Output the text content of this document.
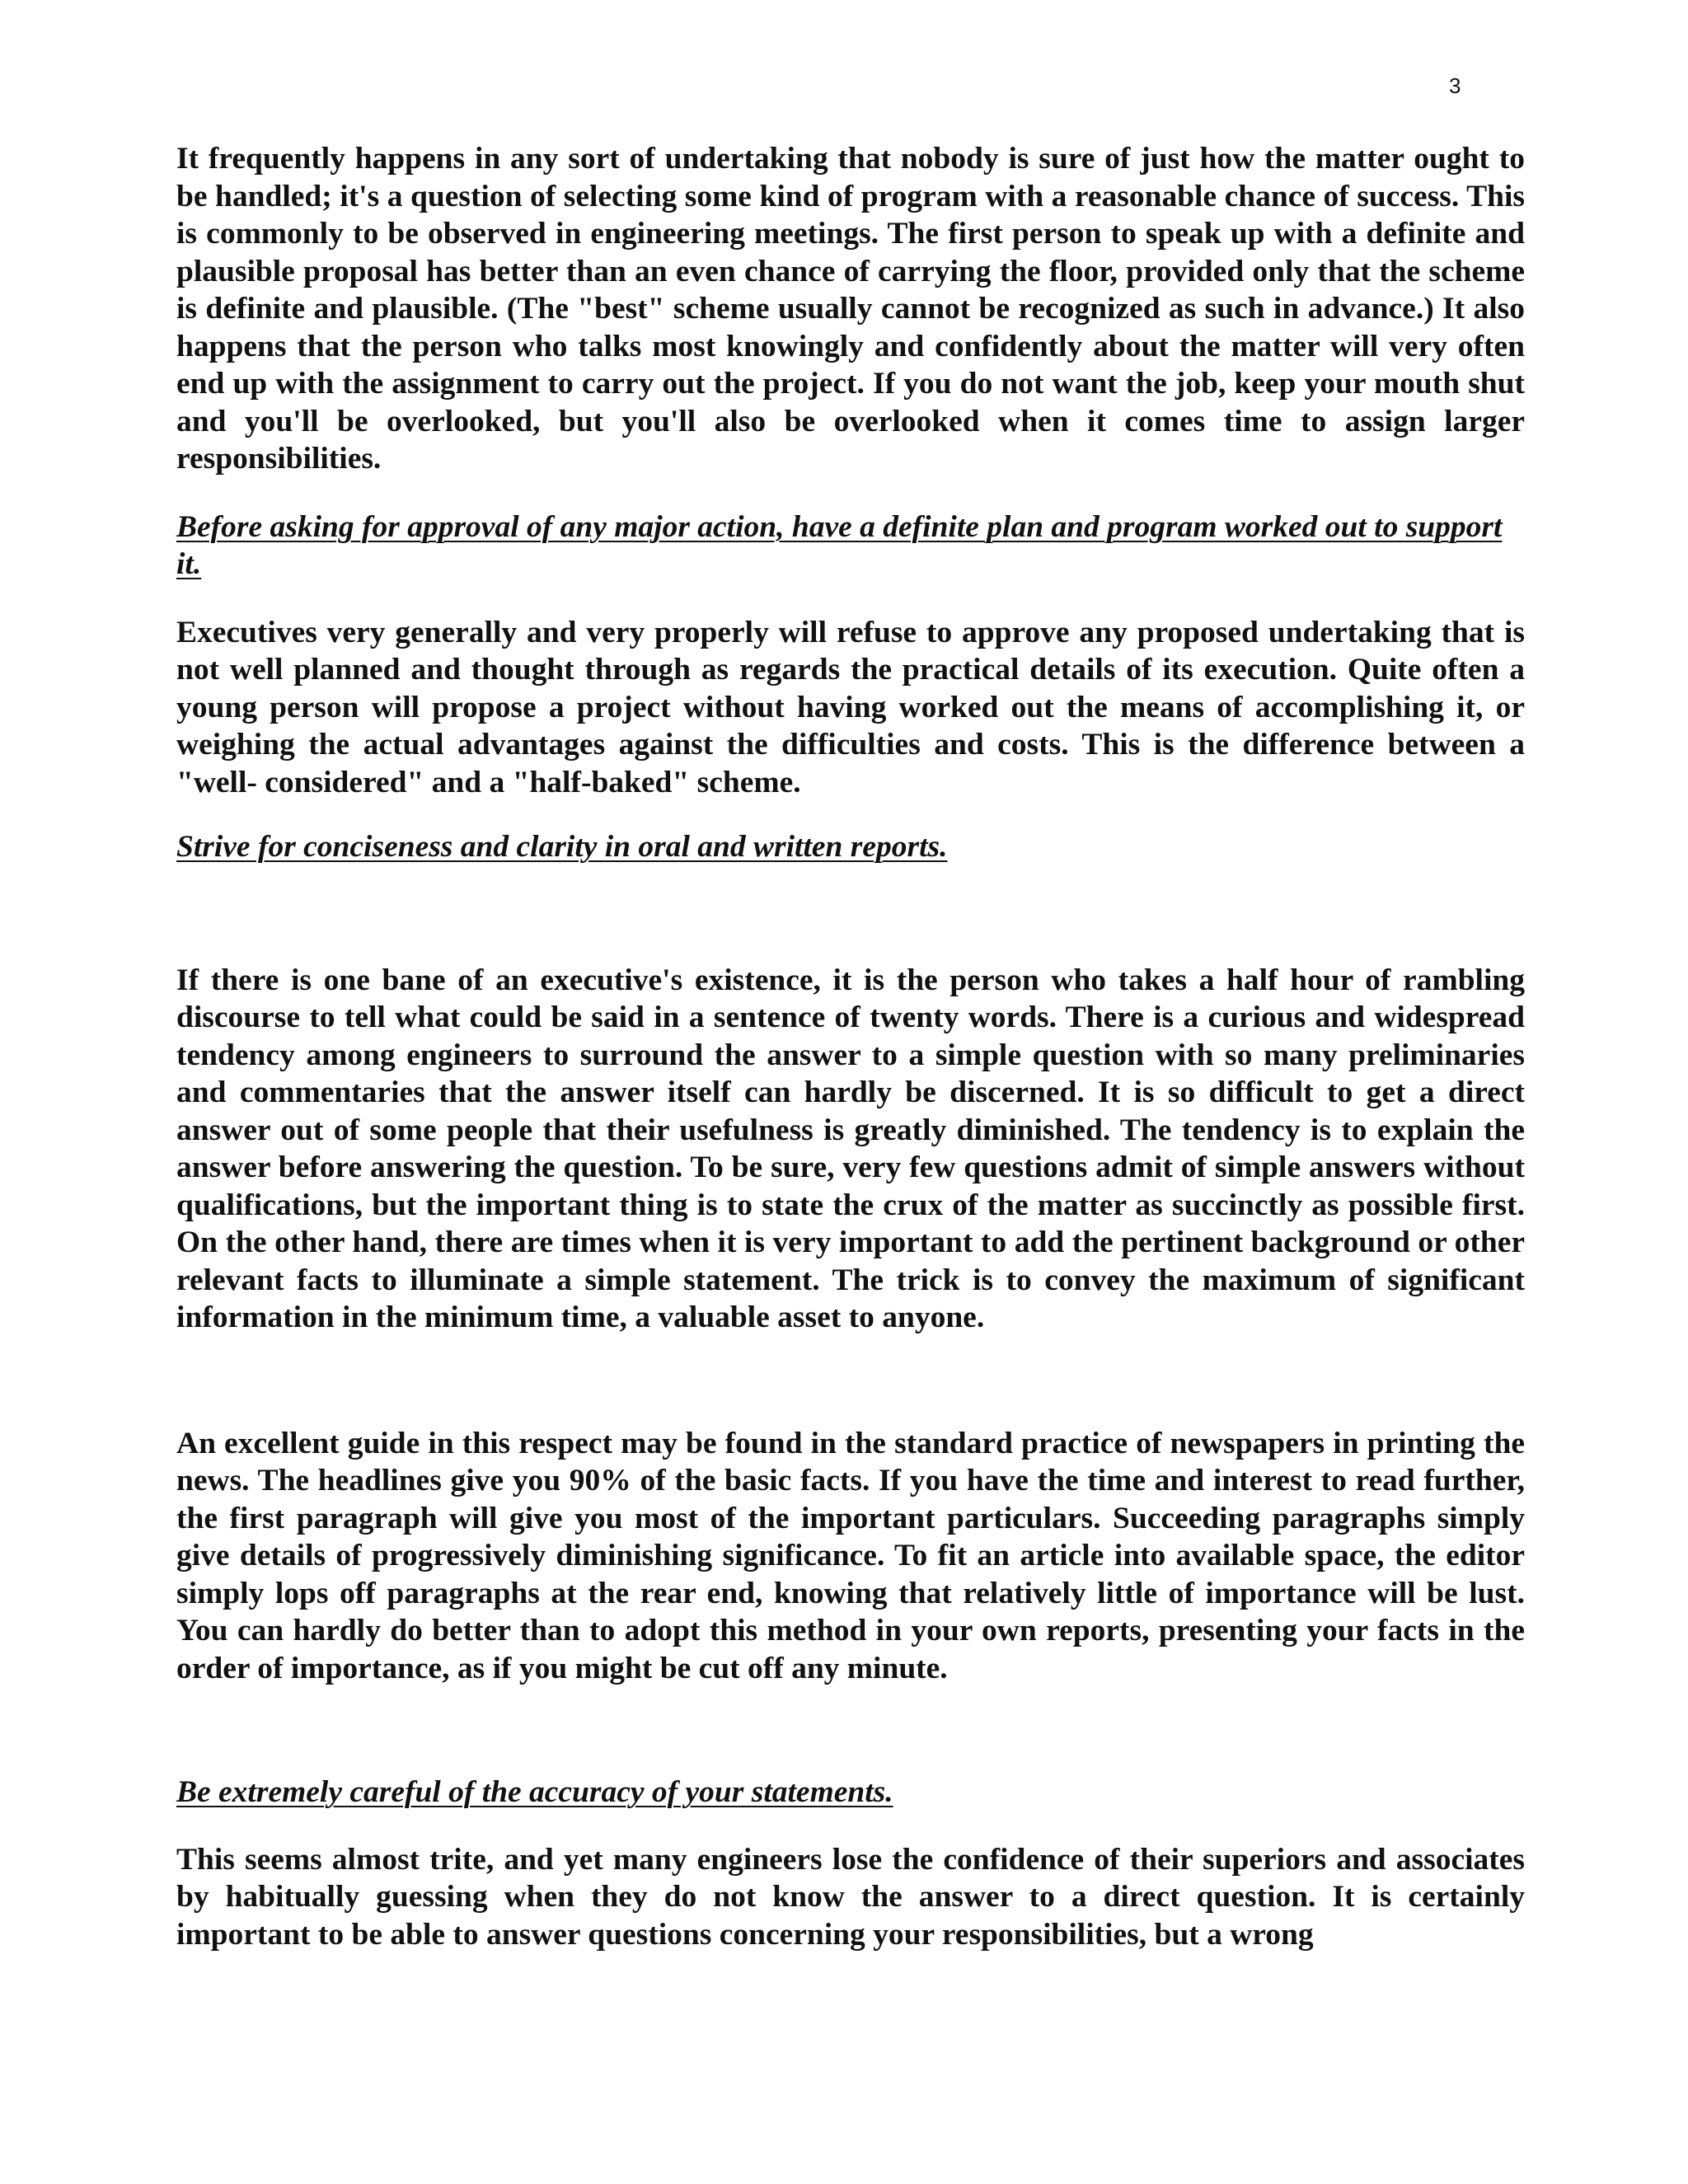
3

It frequently happens in any sort of undertaking that nobody is sure of just how the matter ought to be handled; it's a question of selecting some kind of program with a reasonable chance of success. This is commonly to be observed in engineering meetings. The first person to speak up with a definite and plausible proposal has better than an even chance of carrying the floor, provided only that the scheme is definite and plausible. (The "best" scheme usually cannot be recognized as such in advance.) It also happens that the person who talks most knowingly and confidently about the matter will very often end up with the assignment to carry out the project. If you do not want the job, keep your mouth shut and you'll be overlooked, but you'll also be overlooked when it comes time to assign larger responsibilities.

Before asking for approval of any major action, have a definite plan and program worked out to support it.

Executives very generally and very properly will refuse to approve any proposed undertaking that is not well planned and thought through as regards the practical details of its execution. Quite often a young person will propose a project without having worked out the means of accomplishing it, or weighing the actual advantages against the difficulties and costs. This is the difference between a "well- considered" and a "half-baked" scheme.

Strive for conciseness and clarity in oral and written reports.

If there is one bane of an executive's existence, it is the person who takes a half hour of rambling discourse to tell what could be said in a sentence of twenty words. There is a curious and widespread tendency among engineers to surround the answer to a simple question with so many preliminaries and commentaries that the answer itself can hardly be discerned. It is so difficult to get a direct answer out of some people that their usefulness is greatly diminished. The tendency is to explain the answer before answering the question. To be sure, very few questions admit of simple answers without qualifications, but the important thing is to state the crux of the matter as succinctly as possible first. On the other hand, there are times when it is very important to add the pertinent background or other relevant facts to illuminate a simple statement. The trick is to convey the maximum of significant information in the minimum time, a valuable asset to anyone.

An excellent guide in this respect may be found in the standard practice of newspapers in printing the news. The headlines give you 90% of the basic facts. If you have the time and interest to read further, the first paragraph will give you most of the important particulars. Succeeding paragraphs simply give details of progressively diminishing significance. To fit an article into available space, the editor simply lops off paragraphs at the rear end, knowing that relatively little of importance will be lust. You can hardly do better than to adopt this method in your own reports, presenting your facts in the order of importance, as if you might be cut off any minute.

Be extremely careful of the accuracy of your statements.

This seems almost trite, and yet many engineers lose the confidence of their superiors and associates by habitually guessing when they do not know the answer to a direct question. It is certainly important to be able to answer questions concerning your responsibilities, but a wrong
